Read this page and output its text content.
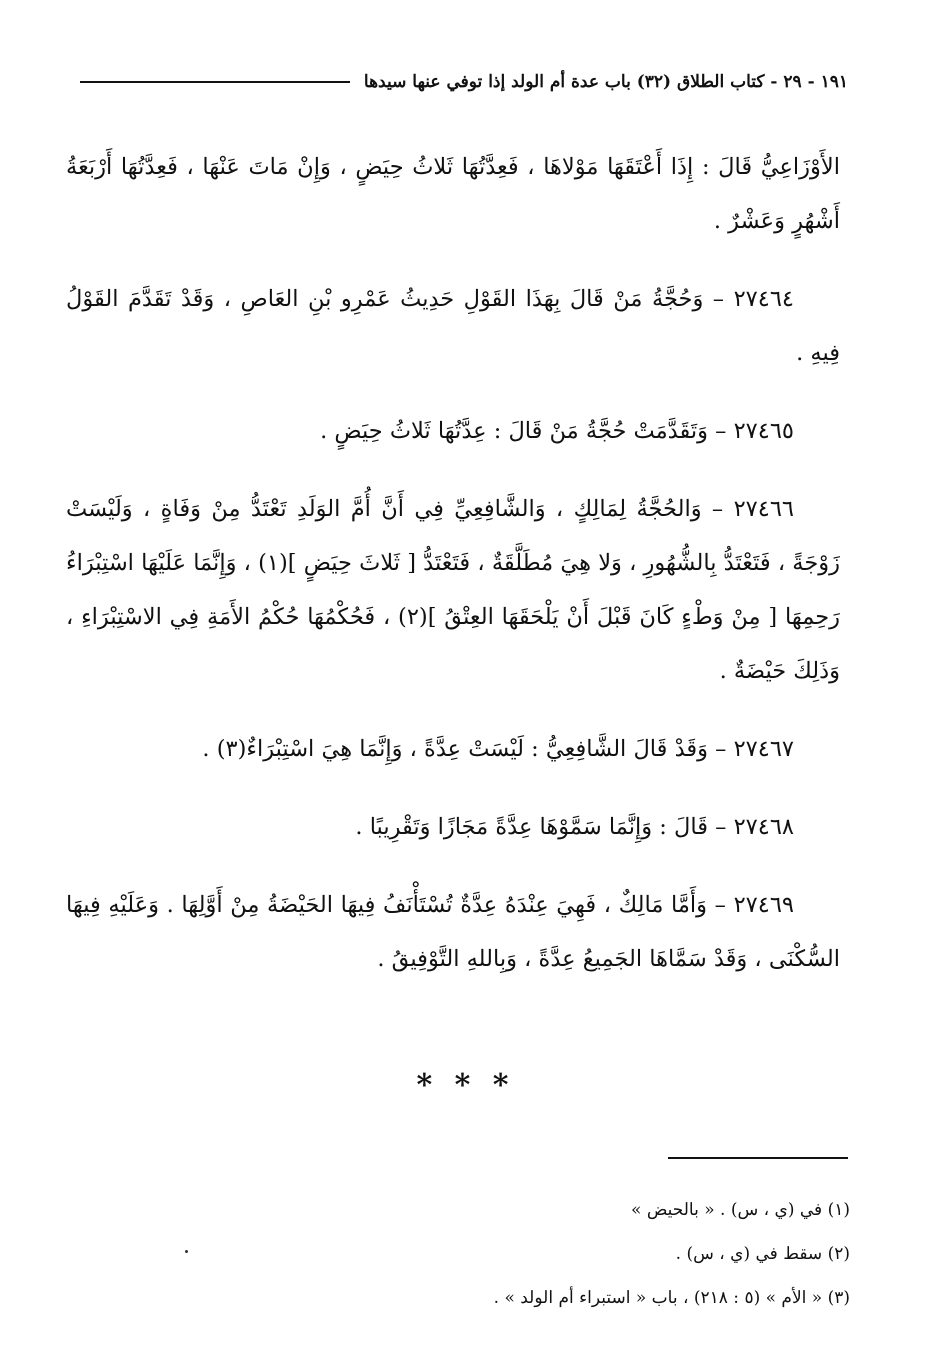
١٩١ - ٢٩ - كتاب الطلاق (٣٢) باب عدة أم الولد إذا توفي عنها سيدها

الأَوْزَاعِيُّ قَالَ : إِذَا أَعْتَقَهَا مَوْلاهَا ، فَعِدَّتُهَا ثَلاثُ حِيَضٍ ، وَإِنْ مَاتَ عَنْهَا ، فَعِدَّتُهَا أَرْبَعَةُ أَشْهُرٍ وَعَشْرٌ .

٢٧٤٦٤ – وَحُجَّةُ مَنْ قَالَ بِهَذَا القَوْلِ حَدِيثُ عَمْرِو بْنِ العَاصِ ، وَقَدْ تَقَدَّمَ القَوْلُ فِيهِ .

٢٧٤٦٥ – وَتَقَدَّمَتْ حُجَّةُ مَنْ قَالَ : عِدَّتُهَا ثَلاثُ حِيَضٍ .

٢٧٤٦٦ – وَالحُجَّةُ لِمَالِكٍ ، وَالشَّافِعِيِّ فِي أَنَّ أُمَّ الوَلَدِ تَعْتَدُّ مِنْ وَفَاةٍ ، وَلَيْسَتْ زَوْجَةً ، فَتَعْتَدُّ بِالشُّهُورِ ، وَلا هِيَ مُطَلَّقَةٌ ، فَتَعْتَدُّ [ ثَلاثَ حِيَضٍ ](١) ، وَإِنَّمَا عَلَيْهَا اسْتِبْرَاءُ رَحِمِهَا [ مِنْ وَطْءٍ كَانَ قَبْلَ أَنْ يَلْحَقَهَا العِتْقُ ](٢) ، فَحُكْمُهَا حُكْمُ الأَمَةِ فِي الاسْتِبْرَاءِ ، وَذَلِكَ حَيْضَةٌ .

٢٧٤٦٧ – وَقَدْ قَالَ الشَّافِعِيُّ : لَيْسَتْ عِدَّةً ، وَإِنَّمَا هِيَ اسْتِبْرَاءٌ(٣) .

٢٧٤٦٨ – قَالَ : وَإِنَّمَا سَمَّوْهَا عِدَّةً مَجَازًا وَتَقْرِيبًا .

٢٧٤٦٩ – وَأَمَّا مَالِكٌ ، فَهِيَ عِنْدَهُ عِدَّةٌ تُسْتَأْنَفُ فِيهَا الحَيْضَةُ مِنْ أَوَّلِهَا . وَعَلَيْهِ فِيهَا السُّكْنَى ، وَقَدْ سَمَّاهَا الجَمِيعُ عِدَّةً ، وَبِاللهِ التَّوْفِيقُ .

* * *

(١) في (ي ، س) . « بالحيض »

(٢) سقط في (ي ، س) .

(٣) « الأم » (٥ : ٢١٨) ، باب « استبراء أم الولد » .
